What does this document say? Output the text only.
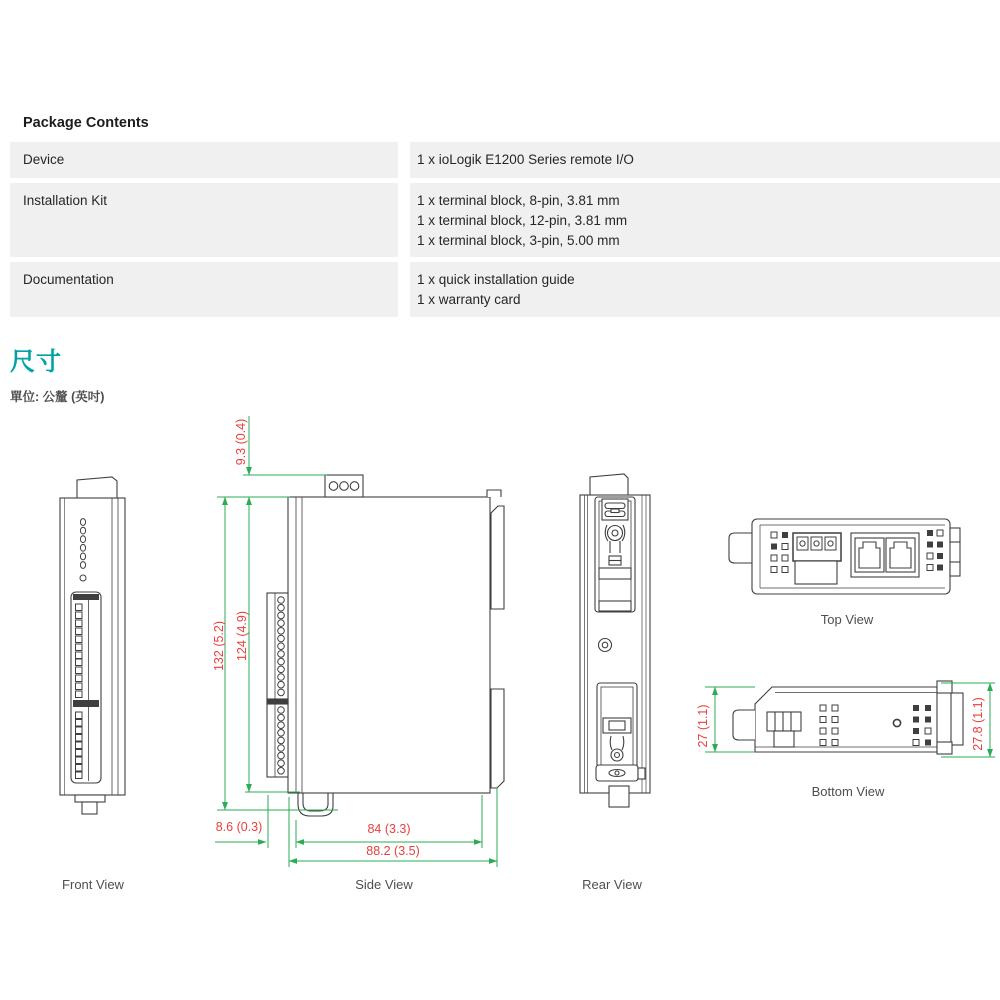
Package Contents
Device	1 x ioLogik E1200 Series remote I/O
Installation Kit	1 x terminal block, 8-pin, 3.81 mm
1 x terminal block, 12-pin, 3.81 mm
1 x terminal block, 3-pin, 5.00 mm
Documentation	1 x quick installation guide
1 x warranty card
尺寸
單位: 公釐 (英吋)
Front View
9.3 (0.4)
132 (5.2) 124 (4.9)
8.6 (0.3)	84 (3.3)
88.2 (3.5)
Side View	Rear View
Top View
27 (1.1)	27.8 (1.1)
Bottom View
